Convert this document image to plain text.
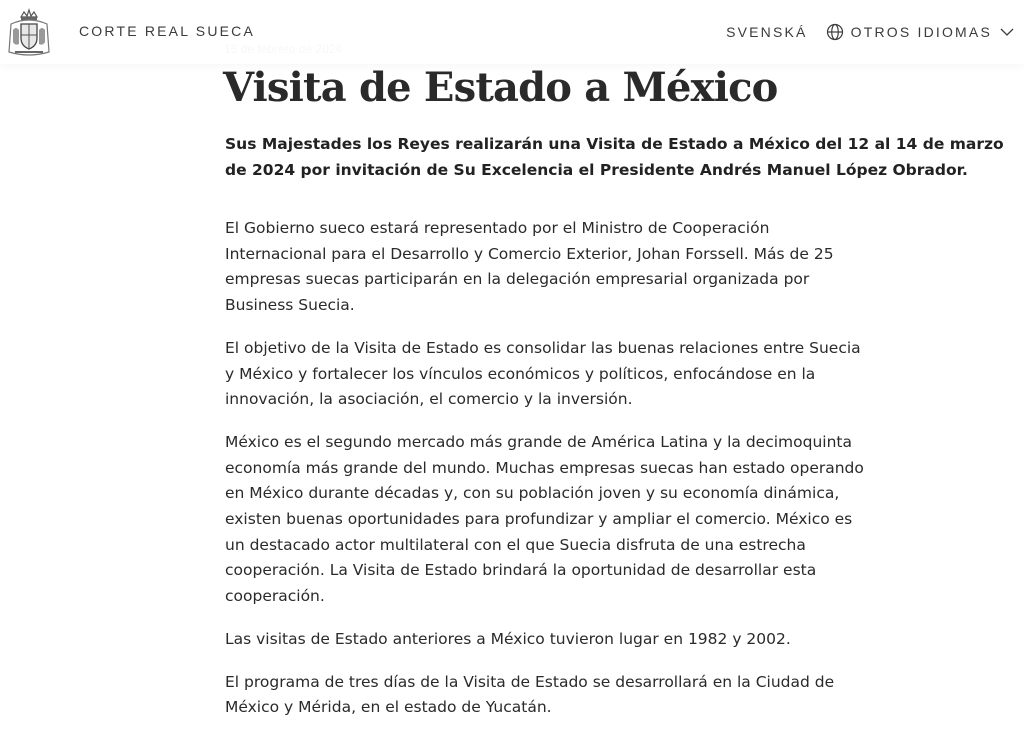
CORTE REAL SUECA	SVENSKÁ	OTROS IDIOMAS
Visita de Estado a México

Sus Majestades los Reyes realizarán una Visita de Estado a México del 12 al 14 de marzo de 2024 por invitación de Su Excelencia el Presidente Andrés Manuel López Obrador.

El Gobierno sueco estará representado por el Ministro de Cooperación Internacional para el Desarrollo y Comercio Exterior, Johan Forssell. Más de 25 empresas suecas participarán en la delegación empresarial organizada por Business Suecia.

El objetivo de la Visita de Estado es consolidar las buenas relaciones entre Suecia y México y fortalecer los vínculos económicos y políticos, enfocándose en la innovación, la asociación, el comercio y la inversión.

México es el segundo mercado más grande de América Latina y la decimoquinta economía más grande del mundo. Muchas empresas suecas han estado operando en México durante décadas y, con su población joven y su economía dinámica, existen buenas oportunidades para profundizar y ampliar el comercio. México es un destacado actor multilateral con el que Suecia disfruta de una estrecha cooperación. La Visita de Estado brindará la oportunidad de desarrollar esta cooperación.

Las visitas de Estado anteriores a México tuvieron lugar en 1982 y 2002.

El programa de tres días de la Visita de Estado se desarrollará en la Ciudad de México y Mérida, en el estado de Yucatán.
